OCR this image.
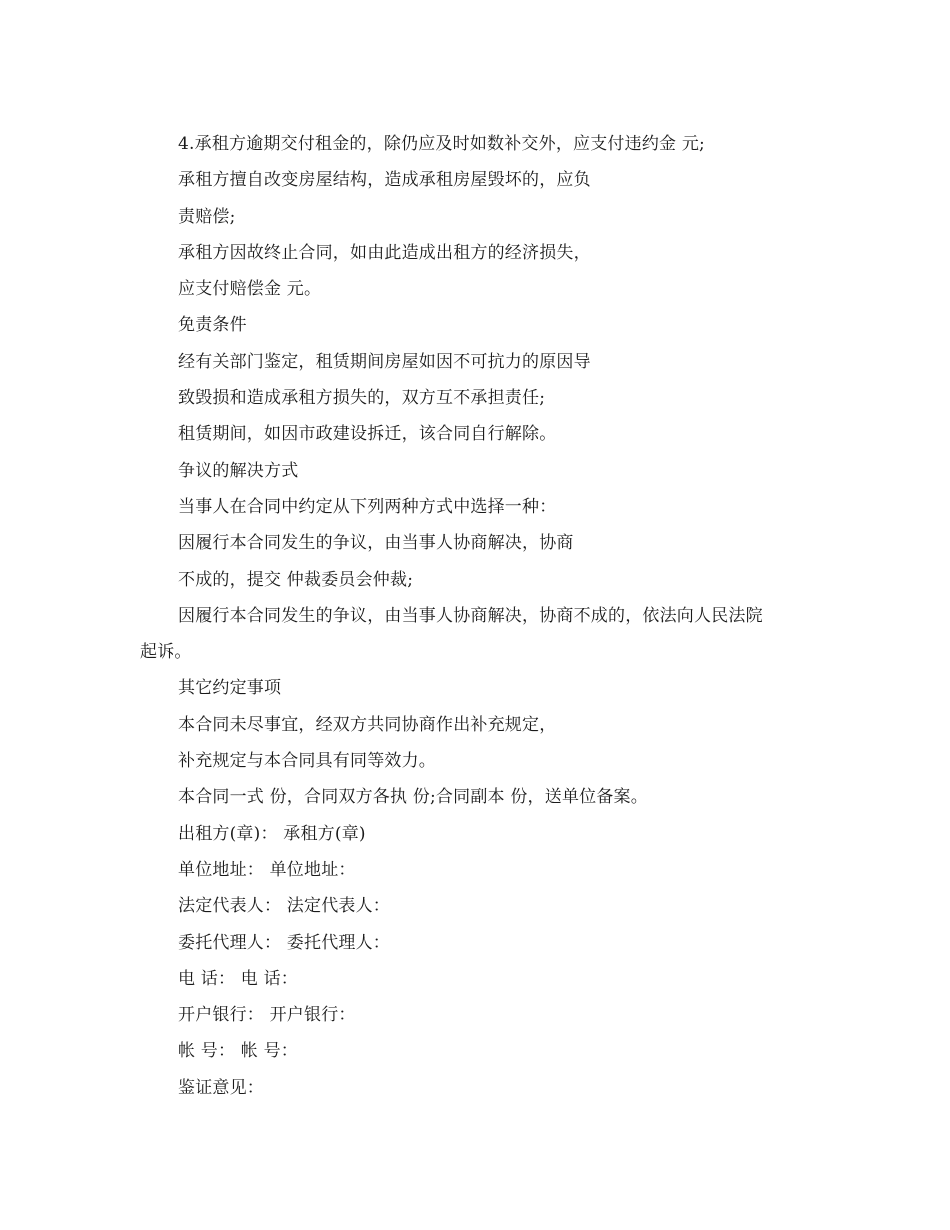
4.承租方逾期交付租金的，除仍应及时如数补交外，应支付违约金 元;
承租方擅自改变房屋结构，造成承租房屋毁坏的，应负
责赔偿;
承租方因故终止合同，如由此造成出租方的经济损失，
应支付赔偿金 元。
免责条件
经有关部门鉴定，租赁期间房屋如因不可抗力的原因导
致毁损和造成承租方损失的，双方互不承担责任;
租赁期间，如因市政建设拆迁，该合同自行解除。
争议的解决方式
当事人在合同中约定从下列两种方式中选择一种：
因履行本合同发生的争议，由当事人协商解决，协商
不成的，提交 仲裁委员会仲裁;
因履行本合同发生的争议，由当事人协商解决，协商不成的，依法向人民法院
起诉。
其它约定事项
本合同未尽事宜，经双方共同协商作出补充规定，
补充规定与本合同具有同等效力。
本合同一式 份，合同双方各执 份;合同副本 份，送单位备案。
出租方(章)： 承租方(章)
单位地址： 单位地址：
法定代表人： 法定代表人：
委托代理人： 委托代理人：
电 话： 电 话：
开户银行： 开户银行：
帐 号： 帐 号：
鉴证意见：
